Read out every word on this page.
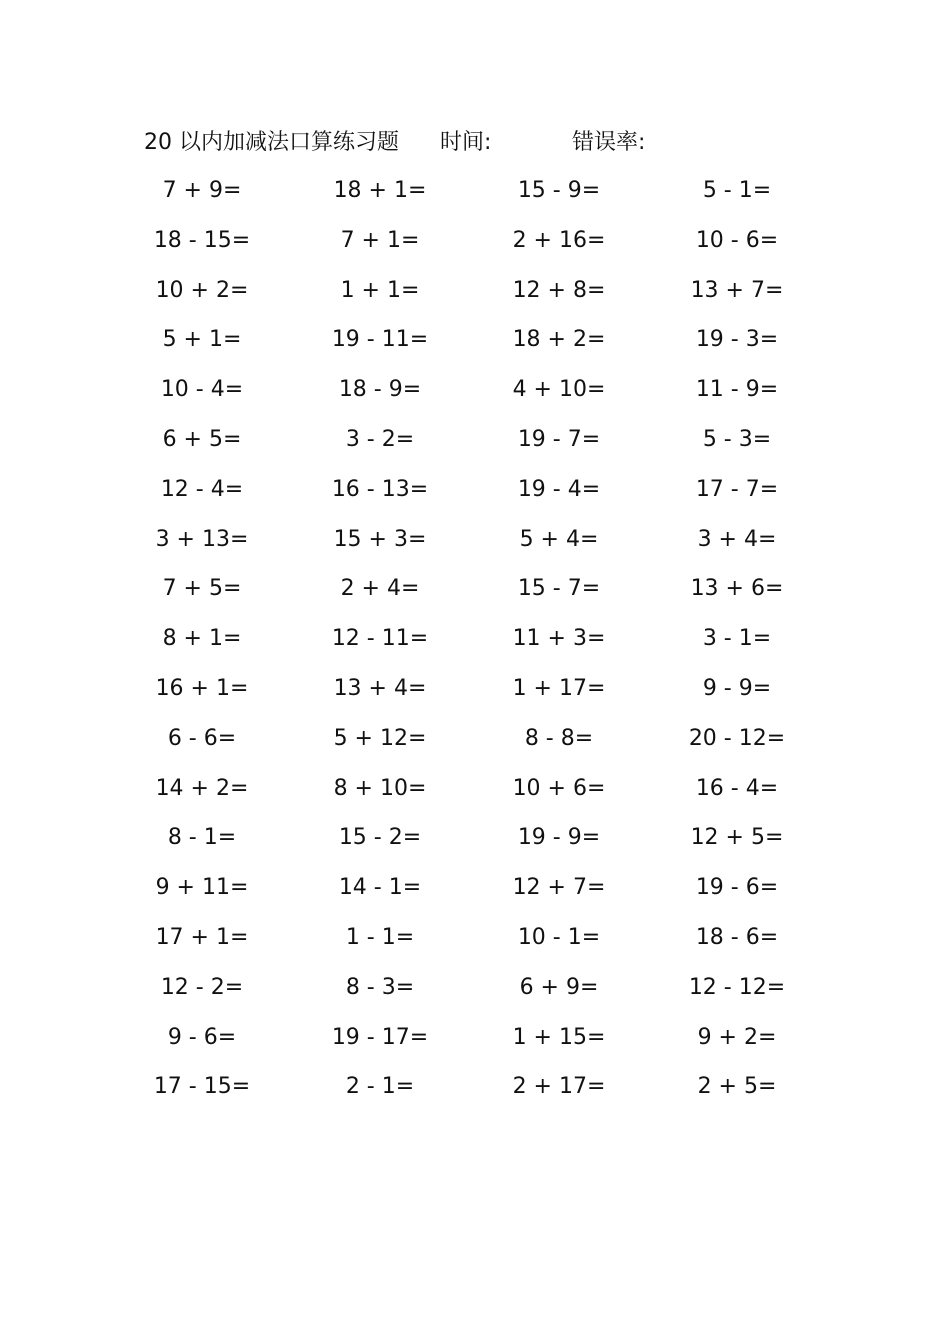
20 以内加减法口算练习题 时间:	错误率:
7 + 9=	18 + 1=	15 - 9=	5 - 1=
18 - 15=	7 + 1=	2 + 16=	10 - 6=
10 + 2=	1 + 1=	12 + 8=	13 + 7=
5 + 1=	19 - 11=	18 + 2=	19 - 3=
10 - 4=	18 - 9=	4 + 10=	11 - 9=
6 + 5=	3 - 2=	19 - 7=	5 - 3=
12 - 4=	16 - 13=	19 - 4=	17 - 7=
3 + 13=	15 + 3=	5 + 4=	3 + 4=
7 + 5=	2 + 4=	15 - 7=	13 + 6=
8 + 1=	12 - 11=	11 + 3=	3 - 1=
16 + 1=	13 + 4=	1 + 17=	9 - 9=
6 - 6=	5 + 12=	8 - 8=	20 - 12=
14 + 2=	8 + 10=	10 + 6=	16 - 4=
8 - 1=	15 - 2=	19 - 9=	12 + 5=
9 + 11=	14 - 1=	12 + 7=	19 - 6=
17 + 1=	1 - 1=	10 - 1=	18 - 6=
12 - 2=	8 - 3=	6 + 9=	12 - 12=
9 - 6=	19 - 17=	1 + 15=	9 + 2=
17 - 15=	2 - 1=	2 + 17=	2 + 5=
